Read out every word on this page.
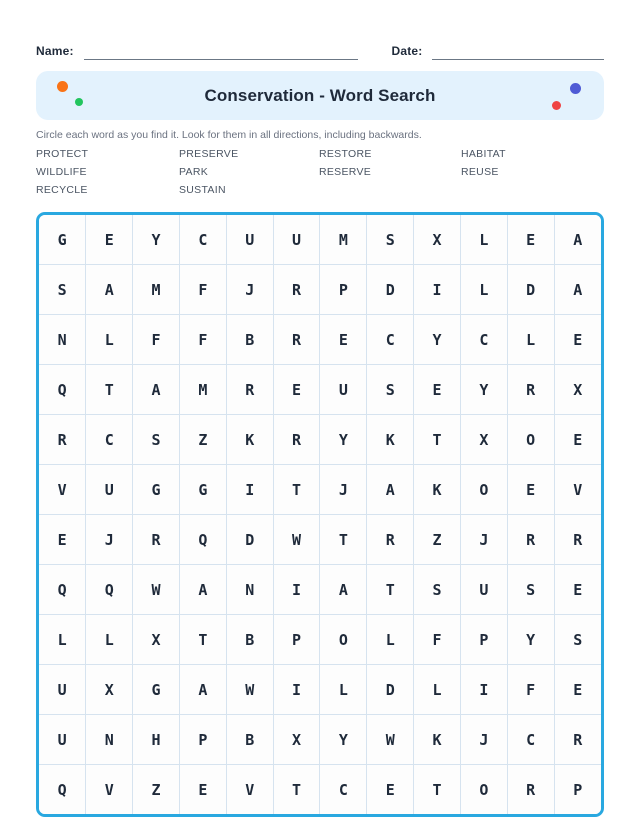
Name:	Date:
Conservation - Word Search
Circle each word as you find it. Look for them in all directions, including backwards.
PROTECT	PRESERVE	RESTORE	HABITAT
WILDLIFE	PARK	RESERVE	REUSE
RECYCLE	SUSTAIN
G	E	Y	C	U	U	M	S	X	L	E	A
S	A	M	F	J	R	P	D	I	L	D	A
N	L	F	F	B	R	E	C	Y	C	L	E
Q	T	A	M	R	E	U	S	E	Y	R	X
R	C	S	Z	K	R	Y	K	T	X	O	E
V	U	G	G	I	T	J	A	K	O	E	V
E	J	R	Q	D	W	T	R	Z	J	R	R
Q	Q	W	A	N	I	A	T	S	U	S	E
L	L	X	T	B	P	O	L	F	P	Y	S
U	X	G	A	W	I	L	D	L	I	F	E
U	N	H	P	B	X	Y	W	K	J	C	R
Q	V	Z	E	V	T	C	E	T	O	R	P
